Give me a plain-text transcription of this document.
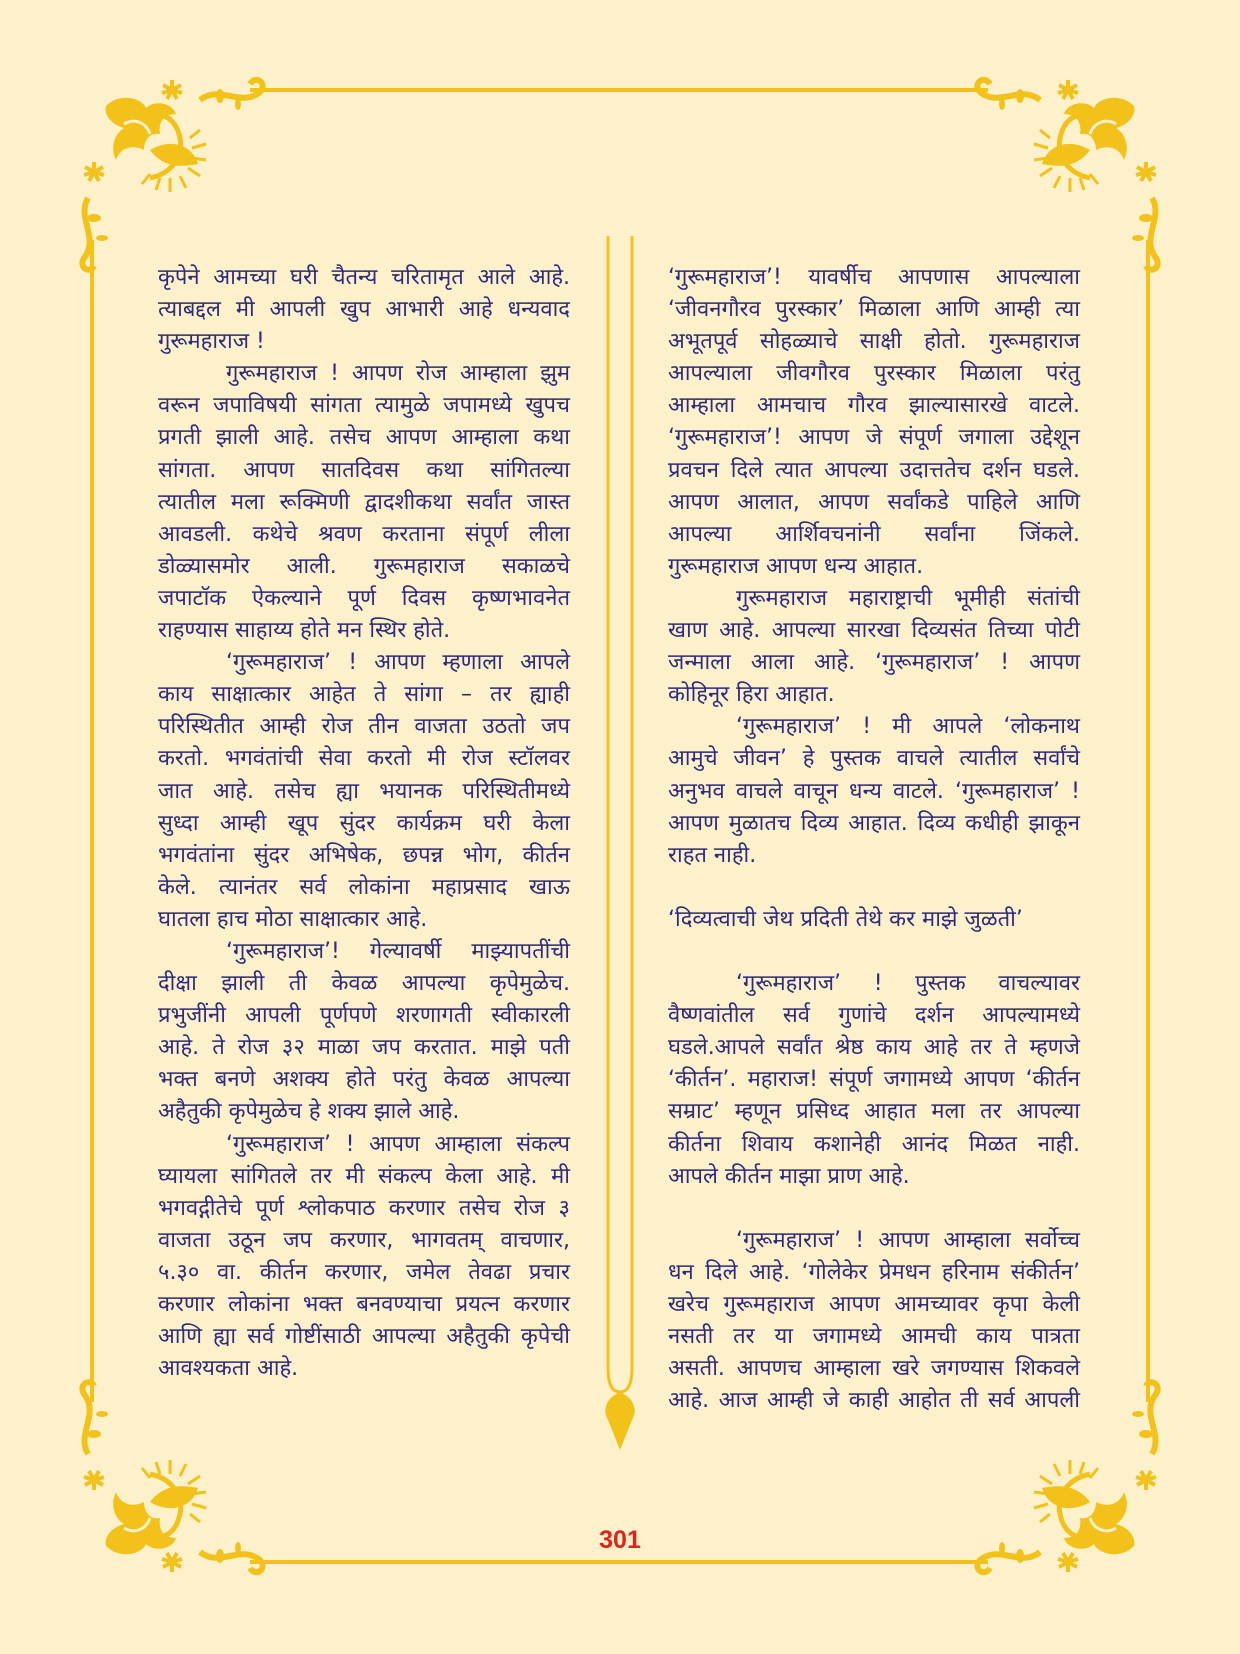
कृपेने आमच्या घरी चैतन्य चरितामृत आले आहे.
त्याबद्दल मी आपली खुप आभारी आहे धन्यवाद
गुरूमहाराज !
गुरूमहाराज ! आपण रोज आम्हाला झुम
वरून जपाविषयी सांगता त्यामुळे जपामध्ये खुपच
प्रगती झाली आहे. तसेच आपण आम्हाला कथा
सांगता. आपण सातदिवस कथा सांगितल्या
त्यातील मला रूक्मिणी द्वादशीकथा सर्वांत जास्त
आवडली. कथेचे श्रवण करताना संपूर्ण लीला
डोळ्यासमोर आली. गुरूमहाराज सकाळचे
जपाटॉक ऐकल्याने पूर्ण दिवस कृष्णभावनेत
राहण्यास साहाय्य होते मन स्थिर होते.
‘गुरूमहाराज’ ! आपण म्हणाला आपले
काय साक्षात्कार आहेत ते सांगा – तर ह्याही
परिस्थितीत आम्ही रोज तीन वाजता उठतो जप
करतो. भगवंतांची सेवा करतो मी रोज स्टॉलवर
जात आहे. तसेच ह्या भयानक परिस्थितीमध्ये
सुध्दा आम्ही खूप सुंदर कार्यक्रम घरी केला
भगवंतांना सुंदर अभिषेक, छपन्न भोग, कीर्तन
केले. त्यानंतर सर्व लोकांना महाप्रसाद खाऊ
घातला हाच मोठा साक्षात्कार आहे.
‘गुरूमहाराज’! गेल्यावर्षी माझ्यापतींची
दीक्षा झाली ती केवळ आपल्या कृपेमुळेच.
प्रभुजींनी आपली पूर्णपणे शरणागती स्वीकारली
आहे. ते रोज ३२ माळा जप करतात. माझे पती
भक्त बनणे अशक्य होते परंतु केवळ आपल्या
अहैतुकी कृपेमुळेच हे शक्य झाले आहे.
‘गुरूमहाराज’ ! आपण आम्हाला संकल्प
घ्यायला सांगितले तर मी संकल्प केला आहे. मी
भगवद्गीतेचे पूर्ण श्लोकपाठ करणार तसेच रोज ३
वाजता उठून जप करणार, भागवतम् वाचणार,
५.३० वा. कीर्तन करणार, जमेल तेवढा प्रचार
करणार लोकांना भक्त बनवण्याचा प्रयत्न करणार
आणि ह्या सर्व गोष्टींसाठी आपल्या अहैतुकी कृपेची
आवश्यकता आहे.
‘गुरूमहाराज’! यावर्षीच आपणास आपल्याला
‘जीवनगौरव पुरस्कार’ मिळाला आणि आम्ही त्या
अभूतपूर्व सोहळ्याचे साक्षी होतो. गुरूमहाराज
आपल्याला जीवगौरव पुरस्कार मिळाला परंतु
आम्हाला आमचाच गौरव झाल्यासारखे वाटले.
‘गुरूमहाराज’! आपण जे संपूर्ण जगाला उद्देशून
प्रवचन दिले त्यात आपल्या उदात्ततेच दर्शन घडले.
आपण आलात, आपण सर्वांकडे पाहिले आणि
आपल्या आर्शिवचनांनी सर्वांना जिंकले.
गुरूमहाराज आपण धन्य आहात.
गुरूमहाराज महाराष्ट्राची भूमीही संतांची
खाण आहे. आपल्या सारखा दिव्यसंत तिच्या पोटी
जन्माला आला आहे. ‘गुरूमहाराज’ ! आपण
कोहिनूर हिरा आहात.
‘गुरूमहाराज’ ! मी आपले ‘लोकनाथ
आमुचे जीवन’ हे पुस्तक वाचले त्यातील सर्वांचे
अनुभव वाचले वाचून धन्य वाटले. ‘गुरूमहाराज’ !
आपण मुळातच दिव्य आहात. दिव्य कधीही झाकून
राहत नाही.
‘दिव्यत्वाची जेथ प्रदिती तेथे कर माझे जुळती’
‘गुरूमहाराज’ ! पुस्तक वाचल्यावर
वैष्णवांतील सर्व गुणांचे दर्शन आपल्यामध्ये
घडले.आपले सर्वांत श्रेष्ठ काय आहे तर ते म्हणजे
‘कीर्तन’. महाराज! संपूर्ण जगामध्ये आपण ‘कीर्तन
सम्राट’ म्हणून प्रसिध्द आहात मला तर आपल्या
कीर्तना शिवाय कशानेही आनंद मिळत नाही.
आपले कीर्तन माझा प्राण आहे.
‘गुरूमहाराज’ ! आपण आम्हाला सर्वोच्च
धन दिले आहे. ‘गोलेकेर प्रेमधन हरिनाम संकीर्तन’
खरेच गुरूमहाराज आपण आमच्यावर कृपा केली
नसती तर या जगामध्ये आमची काय पात्रता
असती. आपणच आम्हाला खरे जगण्यास शिकवले
आहे. आज आम्ही जे काही आहोत ती सर्व आपली
301
